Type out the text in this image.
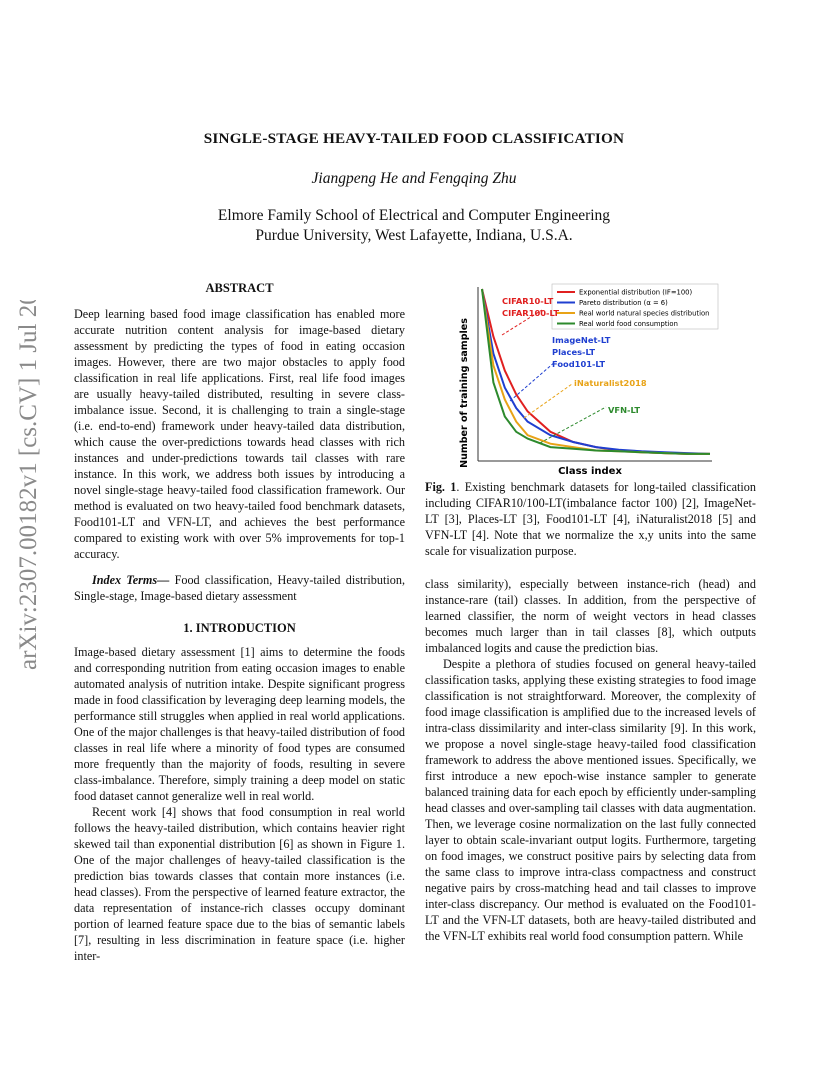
arXiv:2307.00182v1 [cs.CV] 1 Jul 2023
SINGLE-STAGE HEAVY-TAILED FOOD CLASSIFICATION
Jiangpeng He and Fengqing Zhu
Elmore Family School of Electrical and Computer Engineering
Purdue University, West Lafayette, Indiana, U.S.A.

ABSTRACT

Deep learning based food image classification has enabled more accurate nutrition content analysis for image-based dietary assessment by predicting the types of food in eating occasion images. However, there are two major obstacles to apply food classification in real life applications. First, real life food images are usually heavy-tailed distributed, resulting in severe class-imbalance issue. Second, it is challenging to train a single-stage (i.e. end-to-end) framework under heavy-tailed data distribution, which cause the over-predictions towards head classes with rich instances and under-predictions towards tail classes with rare instance. In this work, we address both issues by introducing a novel single-stage heavy-tailed food classification framework. Our method is evaluated on two heavy-tailed food benchmark datasets, Food101-LT and VFN-LT, and achieves the best performance compared to existing work with over 5% improvements for top-1 accuracy.

Index Terms— Food classification, Heavy-tailed distribution, Single-stage, Image-based dietary assessment

1. INTRODUCTION

Image-based dietary assessment [1] aims to determine the foods and corresponding nutrition from eating occasion images to enable automated analysis of nutrition intake. Despite significant progress made in food classification by leveraging deep learning models, the performance still struggles when applied in real world applications. One of the major challenges is that heavy-tailed distribution of food classes in real life where a minority of food types are consumed more frequently than the majority of foods, resulting in severe class-imbalance. Therefore, simply training a deep model on static food dataset cannot generalize well in real world.

Recent work [4] shows that food consumption in real world follows the heavy-tailed distribution, which contains heavier right skewed tail than exponential distribution [6] as shown in Figure 1. One of the major challenges of heavy-tailed classification is the prediction bias towards classes that contain more instances (i.e. head classes). From the perspective of learned feature extractor, the data representation of instance-rich classes occupy dominant portion of learned feature space due to the bias of semantic labels [7], resulting in less discrimination in feature space (i.e. higher inter-

Number of training samples
Class index
Exponential distribution (IF=100)
Pareto distribution (α = 6)
Real world natural species distribution
Real world food consumption
CIFAR10-LT
CIFAR100-LT
ImageNet-LT
Places-LT
Food101-LT
iNaturalist2018
VFN-LT
Fig. 1. Existing benchmark datasets for long-tailed classification including CIFAR10/100-LT(imbalance factor 100) [2], ImageNet-LT [3], Places-LT [3], Food101-LT [4], iNaturalist2018 [5] and VFN-LT [4]. Note that we normalize the x,y units into the same scale for visualization purpose.

class similarity), especially between instance-rich (head) and instance-rare (tail) classes. In addition, from the perspective of learned classifier, the norm of weight vectors in head classes becomes much larger than in tail classes [8], which outputs imbalanced logits and cause the prediction bias.

Despite a plethora of studies focused on general heavy-tailed classification tasks, applying these existing strategies to food image classification is not straightforward. Moreover, the complexity of food image classification is amplified due to the increased levels of intra-class dissimilarity and inter-class similarity [9]. In this work, we propose a novel single-stage heavy-tailed food classification framework to address the above mentioned issues. Specifically, we first introduce a new epoch-wise instance sampler to generate balanced training data for each epoch by efficiently under-sampling head classes and over-sampling tail classes with data augmentation. Then, we leverage cosine normalization on the last fully connected layer to obtain scale-invariant output logits. Furthermore, targeting on food images, we construct positive pairs by selecting data from the same class to improve intra-class compactness and construct negative pairs by cross-matching head and tail classes to improve inter-class discrepancy. Our method is evaluated on the Food101-LT and the VFN-LT datasets, both are heavy-tailed distributed and the VFN-LT exhibits real world food consumption pattern. While
